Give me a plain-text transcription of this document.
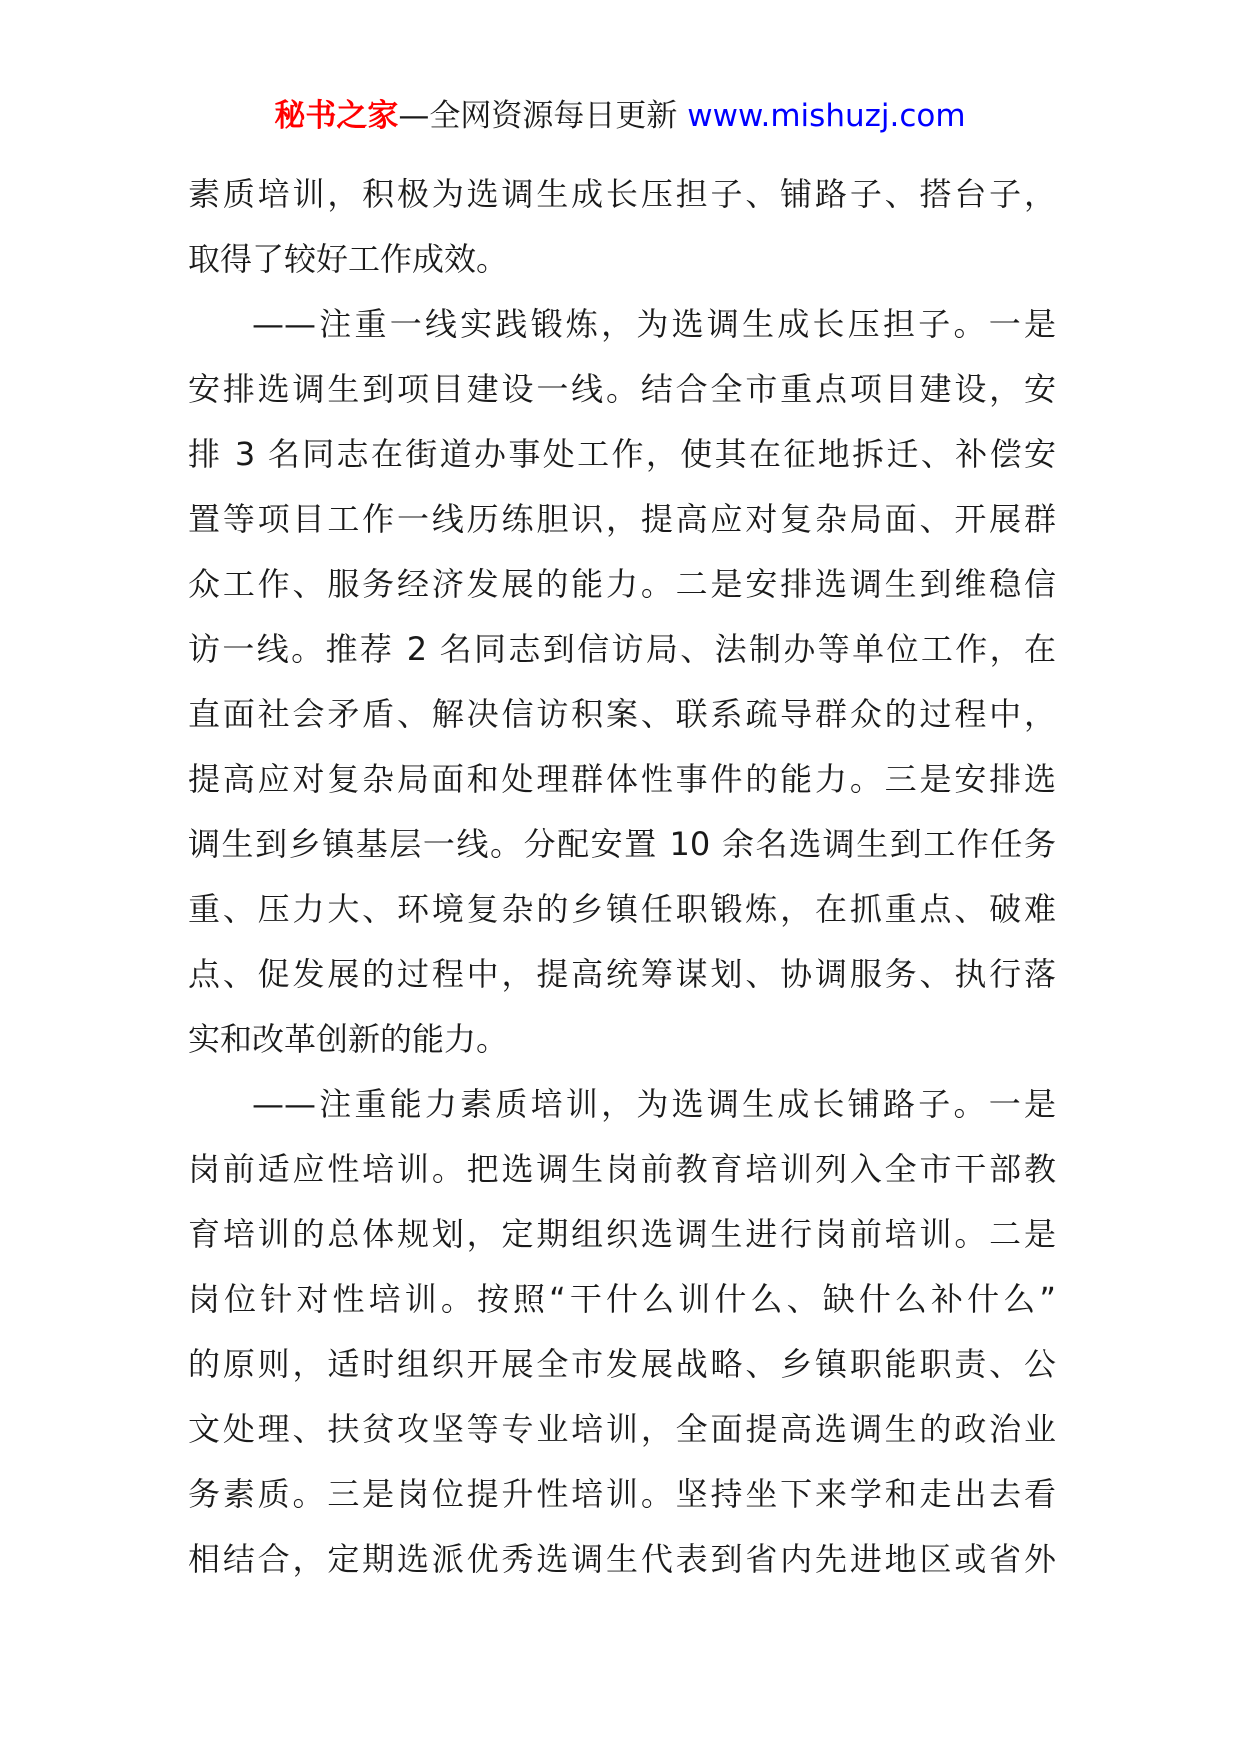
秘书之家—全网资源每日更新 www.mishuzj.com
素质培训，积极为选调生成长压担子、铺路子、搭台子，
取得了较好工作成效。
——注重一线实践锻炼，为选调生成长压担子。一是
安排选调生到项目建设一线。结合全市重点项目建设，安
排 3 名同志在街道办事处工作，使其在征地拆迁、补偿安
置等项目工作一线历练胆识，提高应对复杂局面、开展群
众工作、服务经济发展的能力。二是安排选调生到维稳信
访一线。推荐 2 名同志到信访局、法制办等单位工作，在
直面社会矛盾、解决信访积案、联系疏导群众的过程中，
提高应对复杂局面和处理群体性事件的能力。三是安排选
调生到乡镇基层一线。分配安置 10 余名选调生到工作任务
重、压力大、环境复杂的乡镇任职锻炼，在抓重点、破难
点、促发展的过程中，提高统筹谋划、协调服务、执行落
实和改革创新的能力。
——注重能力素质培训，为选调生成长铺路子。一是
岗前适应性培训。把选调生岗前教育培训列入全市干部教
育培训的总体规划，定期组织选调生进行岗前培训。二是
岗位针对性培训。按照“干什么训什么、缺什么补什么”
的原则，适时组织开展全市发展战略、乡镇职能职责、公
文处理、扶贫攻坚等专业培训，全面提高选调生的政治业
务素质。三是岗位提升性培训。坚持坐下来学和走出去看
相结合，定期选派优秀选调生代表到省内先进地区或省外
